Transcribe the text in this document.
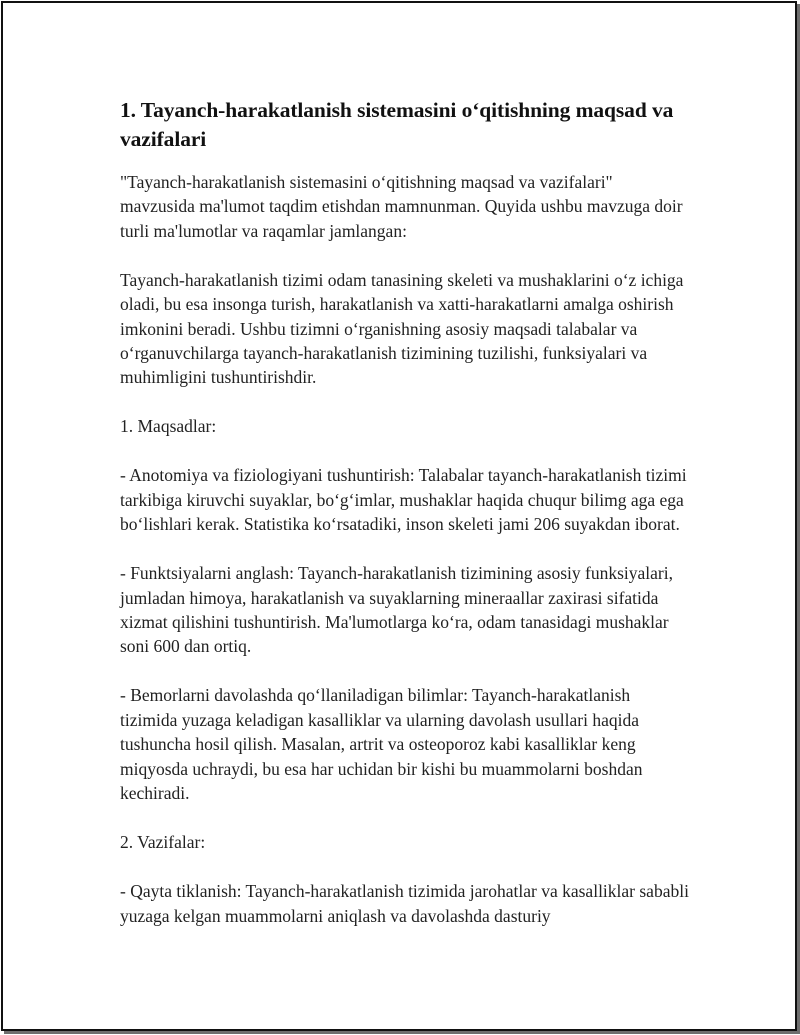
1. Tayanch-harakatlanish sistemasini oʻqitishning maqsad va vazifalari

"Tayanch-harakatlanish sistemasini oʻqitishning maqsad va vazifalari" mavzusida ma'lumot taqdim etishdan mamnunman. Quyida ushbu mavzuga doir turli ma'lumotlar va raqamlar jamlangan:

Tayanch-harakatlanish tizimi odam tanasining skeleti va mushaklarini oʻz ichiga oladi, bu esa insonga turish, harakatlanish va xatti-harakatlarni amalga oshirish imkonini beradi. Ushbu tizimni oʻrganishning asosiy maqsadi talabalar va oʻrganuvchilarga tayanch-harakatlanish tizimining tuzilishi, funksiyalari va muhimligini tushuntirishdir.

1. Maqsadlar:

- Anotomiya va fiziologiyani tushuntirish: Talabalar tayanch-harakatlanish tizimi tarkibiga kiruvchi suyaklar, boʻgʻimlar, mushaklar haqida chuqur bilimg aga ega boʻlishlari kerak. Statistika koʻrsatadiki, inson skeleti jami 206 suyakdan iborat.

- Funktsiyalarni anglash: Tayanch-harakatlanish tizimining asosiy funksiyalari, jumladan himoya, harakatlanish va suyaklarning mineraallar zaxirasi sifatida xizmat qilishini tushuntirish. Ma'lumotlarga koʻra, odam tanasidagi mushaklar soni 600 dan ortiq.

- Bemorlarni davolashda qoʻllaniladigan bilimlar: Tayanch-harakatlanish tizimida yuzaga keladigan kasalliklar va ularning davolash usullari haqida tushuncha hosil qilish. Masalan, artrit va osteoporoz kabi kasalliklar keng miqyosda uchraydi, bu esa har uchidan bir kishi bu muammolarni boshdan kechiradi.

2. Vazifalar:

- Qayta tiklanish: Tayanch-harakatlanish tizimida jarohatlar va kasalliklar sababli yuzaga kelgan muammolarni aniqlash va davolashda dasturiy
